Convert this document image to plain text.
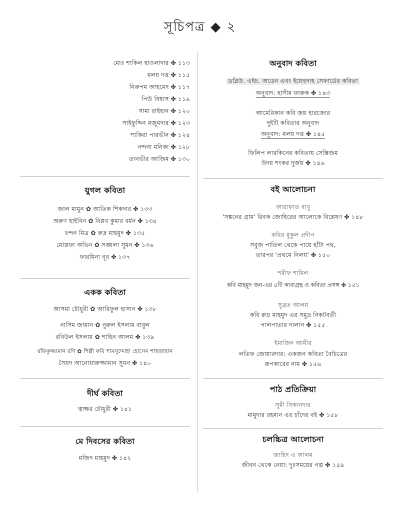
সূচিপত্র ◆ ২
মোঃ শাকিল হাওলাদার ✤ ১১৩
মলয় দত্ত ✤ ১১৫
নিরুপম আহমেদ ✤ ১১৭
পিউ বিশ্বাস ✤ ১১৯
সামা রাইহান ✤ ১২০
সাইফুদ্দিন মজুমদার ✤ ১২৩
শাকিরা পারভীন ✤ ১২৪
নন্দনা মনিকা ✤ ১২৮
তানভীর আজিম ✤ ১৩০
যুগল কবিতা
জাল মামুন ✿ আতিক শিকদার ✤ ১৩৩
অরুণ হাইবিন ✿ বিপ্লব কুমার বর্মন ✤ ১৩৪
চন্দন মিত্র ✿ রুদ্র মাহমুদ ✤ ১৩৫
মোস্তফা অভিন ✿ সঙ্ঘলা সুমন ✤ ১৩৬
ফারমিনা নূর ✤ ১৩৭
একক কবিতা
আসমা চৌধুরী ✿ আরিফুল হাসান ✤ ১৩৮
নাসিম জামান ✿ নুরুল ইসলাম বাবুল
রবিউল ইসলাম ✿ শাহিন আলম ✤ ১৩৯
রফিকুজ্জামান রণি ✿ শিল্পী কবি শামসুদ্দোহা হোসেন শাহজাহান
সৈয়দ আনোয়ারুজ্জামান সুমন ✤ ১৪০
দীর্ঘ কবিতা
ত্বাক্ষর চৌধুরী ✤ ১৪১
মে দিবসের কবিতা
মজিদ মাহমুদ ✤ ১৪২
অনুবাদ কবিতা
ডব্লিউ. এইচ. অডেন এবং ইয়েহুদাহ সেফার্ডের কবিতা
অনুবাদ: হাসীম ফারুক ✤ ১৪৩
আমেরিকান কবি জয় হারজোর
দুইটি কবিতার অনুবাদ
অনুবাদ: মলয় দত্ত ✤ ১৪৫
ফিলিপ লারকিনের কবিতায় সেক্সিজম
উদয় শংকর দুর্জয় ✤ ১৪৬
বই আলোচনা
আরাফাত বাবু
'সঙ্কনের গ্রাম' রিবক জোহিরের আলোকে বিশ্লেষণ ✤ ১৪৮
কবির মুকুল প্রদীপ
সবুজ পাতিল থেকে পায়ে হাঁটা পথ,
তারপর 'প্রথমে নিলয়' ✤ ১৫০
শরীফ শামিল
কবি মাহমুদ জন-এর ৫টি কাব্যগ্রন্থ ও কবিতা প্রসঙ্গ ✤ ১৫১
সুব্রত আলম
কবি রুদ্র মাহমুদ এর সমুদ্র নিকটবর্তী
পালপাতার দালান ✤ ১৫৫
ইমাজিন আমীর
লতিফ জোয়ারদার: একজন কবিতা বৈচিত্রের
রূপকারের নাম ✤ ১৫৬
পাঠ প্রতিক্রিয়া
সুমী সিকানদার
মামুদার রহমান এর চাঁদের বই ✤ ১৫৮
চলচ্চিত্র আলোচনা
জাহিদ এ আলম
জীবন থেকে নেয়া: দুঃসময়ের গল্প ✤ ১৫৯
